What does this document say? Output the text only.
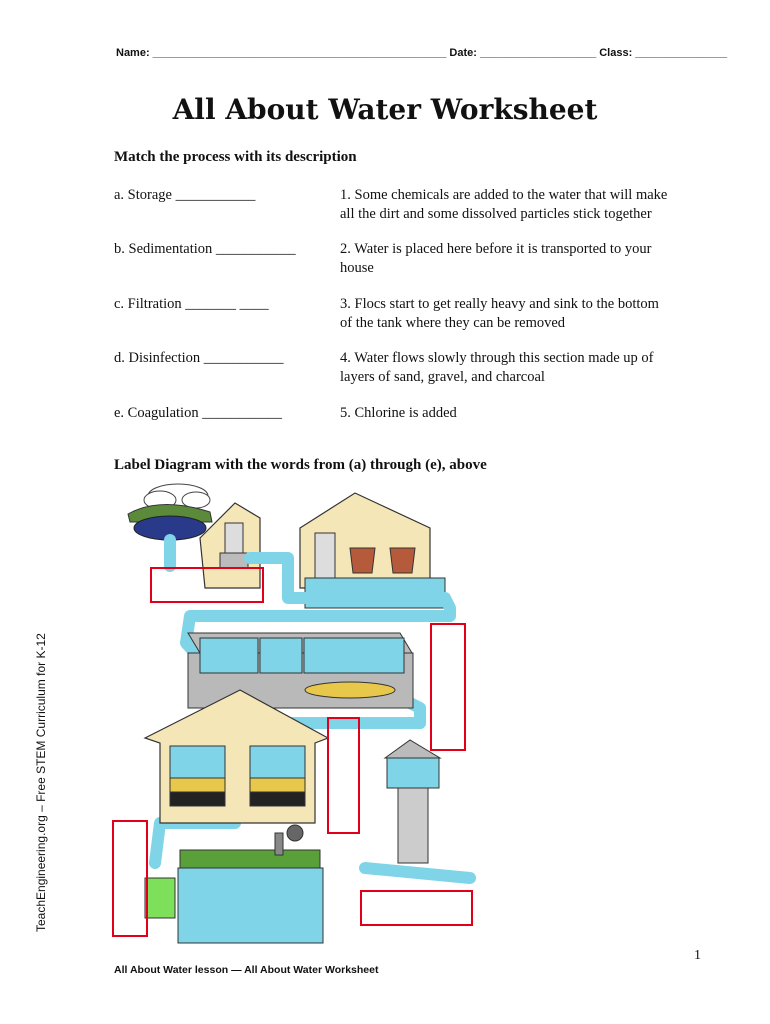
Name: ________________________________________________ Date: ___________________ Class: _______________
All About Water Worksheet
Match the process with its description
a. Storage ___________
b. Sedimentation ___________
c. Filtration _______ ____
d. Disinfection ___________
e. Coagulation ___________
1. Some chemicals are added to the water that will make
all the dirt and some dissolved particles stick together
2. Water is placed here before it is transported to your
house
3. Flocs start to get really heavy and sink to the bottom
of the tank where they can be removed
4. Water flows slowly through this section made up of
layers of sand, gravel, and charcoal
5. Chlorine is added
Label Diagram with the words from (a) through (e), above
TeachEngineering.org – Free STEM Curriculum for K-12
1
All About Water lesson — All About Water Worksheet
